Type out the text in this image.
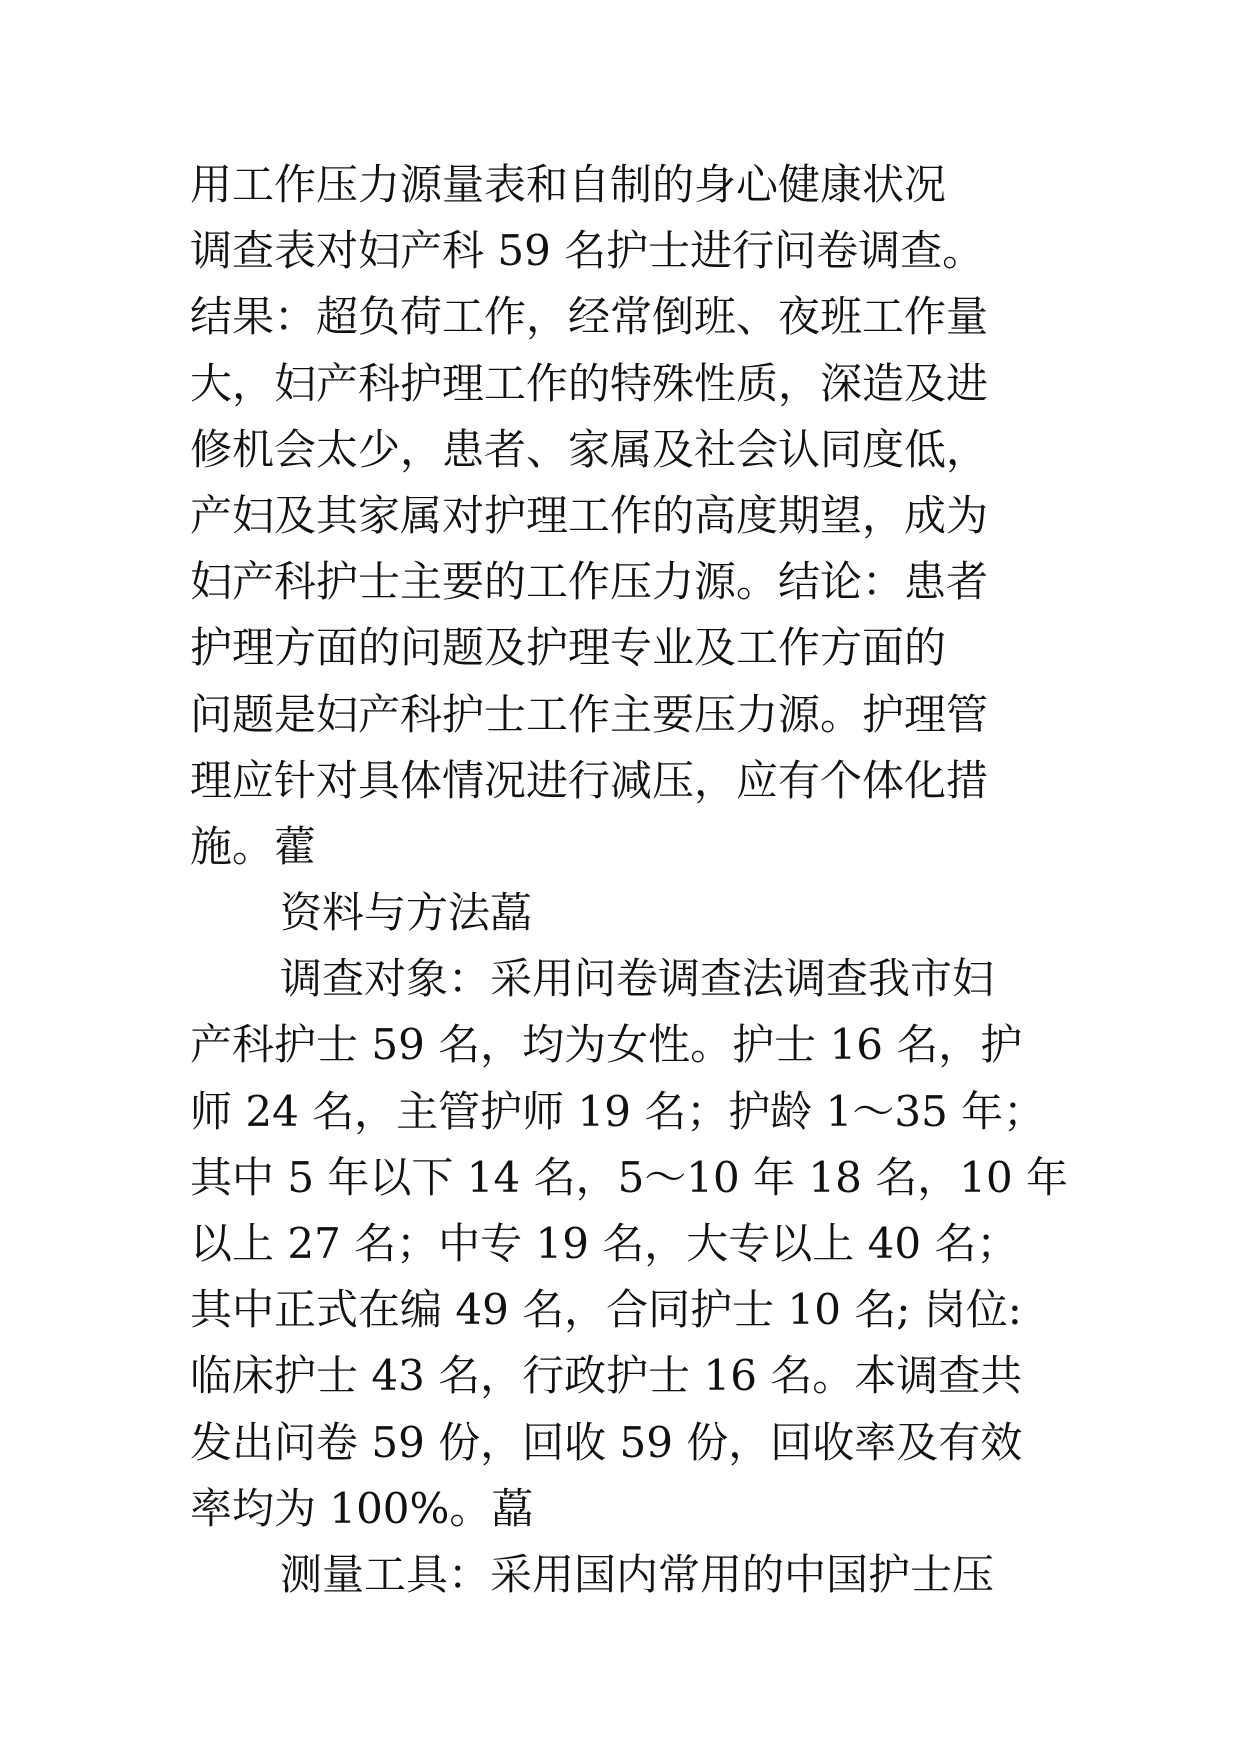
用工作压力源量表和自制的身心健康状况
调查表对妇产科 59 名护士进行问卷调查。
结果：超负荷工作，经常倒班、夜班工作量
大，妇产科护理工作的特殊性质，深造及进
修机会太少，患者、家属及社会认同度低，
产妇及其家属对护理工作的高度期望，成为
妇产科护士主要的工作压力源。结论：患者
护理方面的问题及护理专业及工作方面的
问题是妇产科护士工作主要压力源。护理管
理应针对具体情况进行减压，应有个体化措
施。藿
资料与方法藠
调查对象：采用问卷调查法调查我市妇
产科护士 59 名，均为女性。护士 16 名，护
师 24 名，主管护师 19 名；护龄 1～35 年；
其中 5 年以下 14 名，5～10 年 18 名，10 年
以上 27 名；中专 19 名，大专以上 40 名；
其中正式在编 49 名，合同护士 10 名; 岗位:
临床护士 43 名，行政护士 16 名。本调查共
发出问卷 59 份，回收 59 份，回收率及有效
率均为 100%。藠
测量工具：采用国内常用的中国护士压
